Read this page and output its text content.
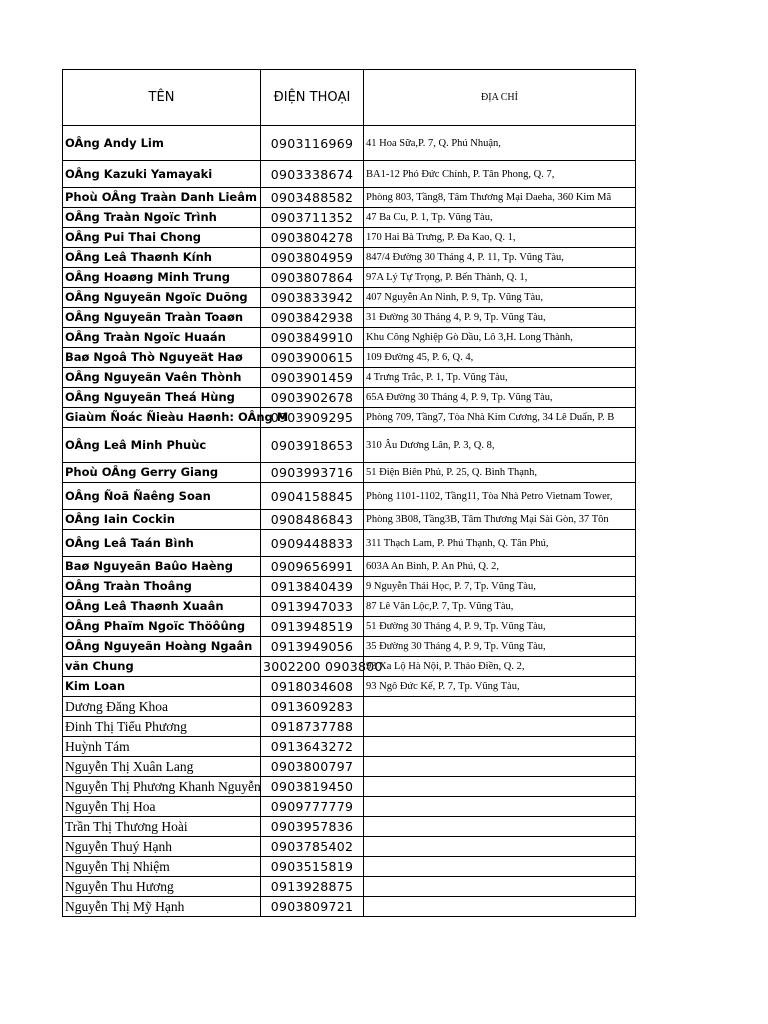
TÊN	ĐIỆN THOẠI	ĐỊA CHỈ
OÂng Andy Lim	0903116969	41 Hoa Sữa,P. 7, Q. Phú Nhuận,
OÂng Kazuki Yamayaki	0903338674	BA1-12 Phó Đức Chính, P. Tân Phong, Q. 7,
Phoù OÂng Traàn Danh Lieâm	0903488582	Phòng 803, Tầng8, Tâm Thương Mại Daeha, 360 Kim Mã
OÂng Traàn Ngoïc Trình	0903711352	47 Ba Cu, P. 1, Tp. Vũng Tàu,
OÂng Pui Thai Chong	0903804278	170 Hai Bà Trưng, P. Đa Kao, Q. 1,
OÂng Leâ Thaønh Kính	0903804959	847/4 Đường 30 Tháng 4, P. 11, Tp. Vũng Tàu,
OÂng Hoaøng Minh Trung	0903807864	97A Lý Tự Trọng, P. Bến Thành, Q. 1,
OÂng Nguyeãn Ngoïc Duõng	0903833942	407 Nguyễn An Ninh, P. 9, Tp. Vũng Tàu,
OÂng Nguyeãn Traàn Toaøn	0903842938	31 Đường 30 Tháng 4, P. 9, Tp. Vũng Tàu,
OÂng Traàn Ngoïc Huaán	0903849910	Khu Công Nghiệp Gò Dầu, Lô 3,H. Long Thành,
Baø Ngoâ Thò Nguyeät Haø	0903900615	109 Đường 45, P. 6, Q. 4,
OÂng Nguyeãn Vaên Thònh	0903901459	4 Trưng Trắc, P. 1, Tp. Vũng Tàu,
OÂng Nguyeãn Theá Hùng	0903902678	65A Đường 30 Tháng 4, P. 9, Tp. Vũng Tàu,
Giaùm Ñoác Ñieàu Haønh: OÂng M	0903909295	Phòng 709, Tầng7, Tòa Nhà Kim Cương, 34 Lê Duẩn, P. B
OÂng Leâ Minh Phuùc	0903918653	310 Âu Dương Lân, P. 3, Q. 8,
Phoù OÂng Gerry Giang	0903993716	51 Điện Biên Phủ, P. 25, Q. Bình Thạnh,
OÂng Ñoã Ñaêng Soan	0904158845	Phòng 1101-1102, Tầng11, Tòa Nhà Petro Vietnam Tower,
OÂng Iain Cockin	0908486843	Phòng 3B08, Tầng3B, Tâm Thương Mại Sài Gòn, 37 Tôn
OÂng Leâ Taán Bình	0909448833	311 Thạch Lam, P. Phú Thạnh, Q. Tân Phú,
Baø Nguyeãn Baûo Haèng	0909656991	603A An Bình, P. An Phú, Q. 2,
OÂng Traàn Thoâng	0913840439	9 Nguyễn Thái Học, P. 7, Tp. Vũng Tàu,
OÂng Leâ Thaønh Xuaân	0913947033	87 Lê Văn Lộc,P. 7, Tp. Vũng Tàu,
OÂng Phaïm Ngoïc Thöôûng	0913948519	51 Đường 30 Tháng 4, P. 9, Tp. Vũng Tàu,
OÂng Nguyeãn Hoàng Ngaân	0913949056	35 Đường 30 Tháng 4, P. 9, Tp. Vũng Tàu,
văn Chung	3002200 0903800	93 Xa Lộ Hà Nội, P. Thảo Điền, Q. 2,
Kim Loan	0918034608	93 Ngô Đức Kế, P. 7, Tp. Vũng Tàu,
Dương Đăng Khoa	0913609283	
Đinh Thị Tiểu Phương	0918737788	
Huỳnh Tám	0913643272	
Nguyễn Thị Xuân Lang	0903800797	
Nguyễn Thị Phương Khanh Nguyễn	0903819450	
Nguyễn Thị Hoa	0909777779	
Trần Thị Thương Hoài	0903957836	
Nguyễn Thuý Hạnh	0903785402	
Nguyễn Thị Nhiệm	0903515819	
Nguyễn Thu Hương	0913928875	
Nguyễn Thị Mỹ Hạnh	0903809721	
